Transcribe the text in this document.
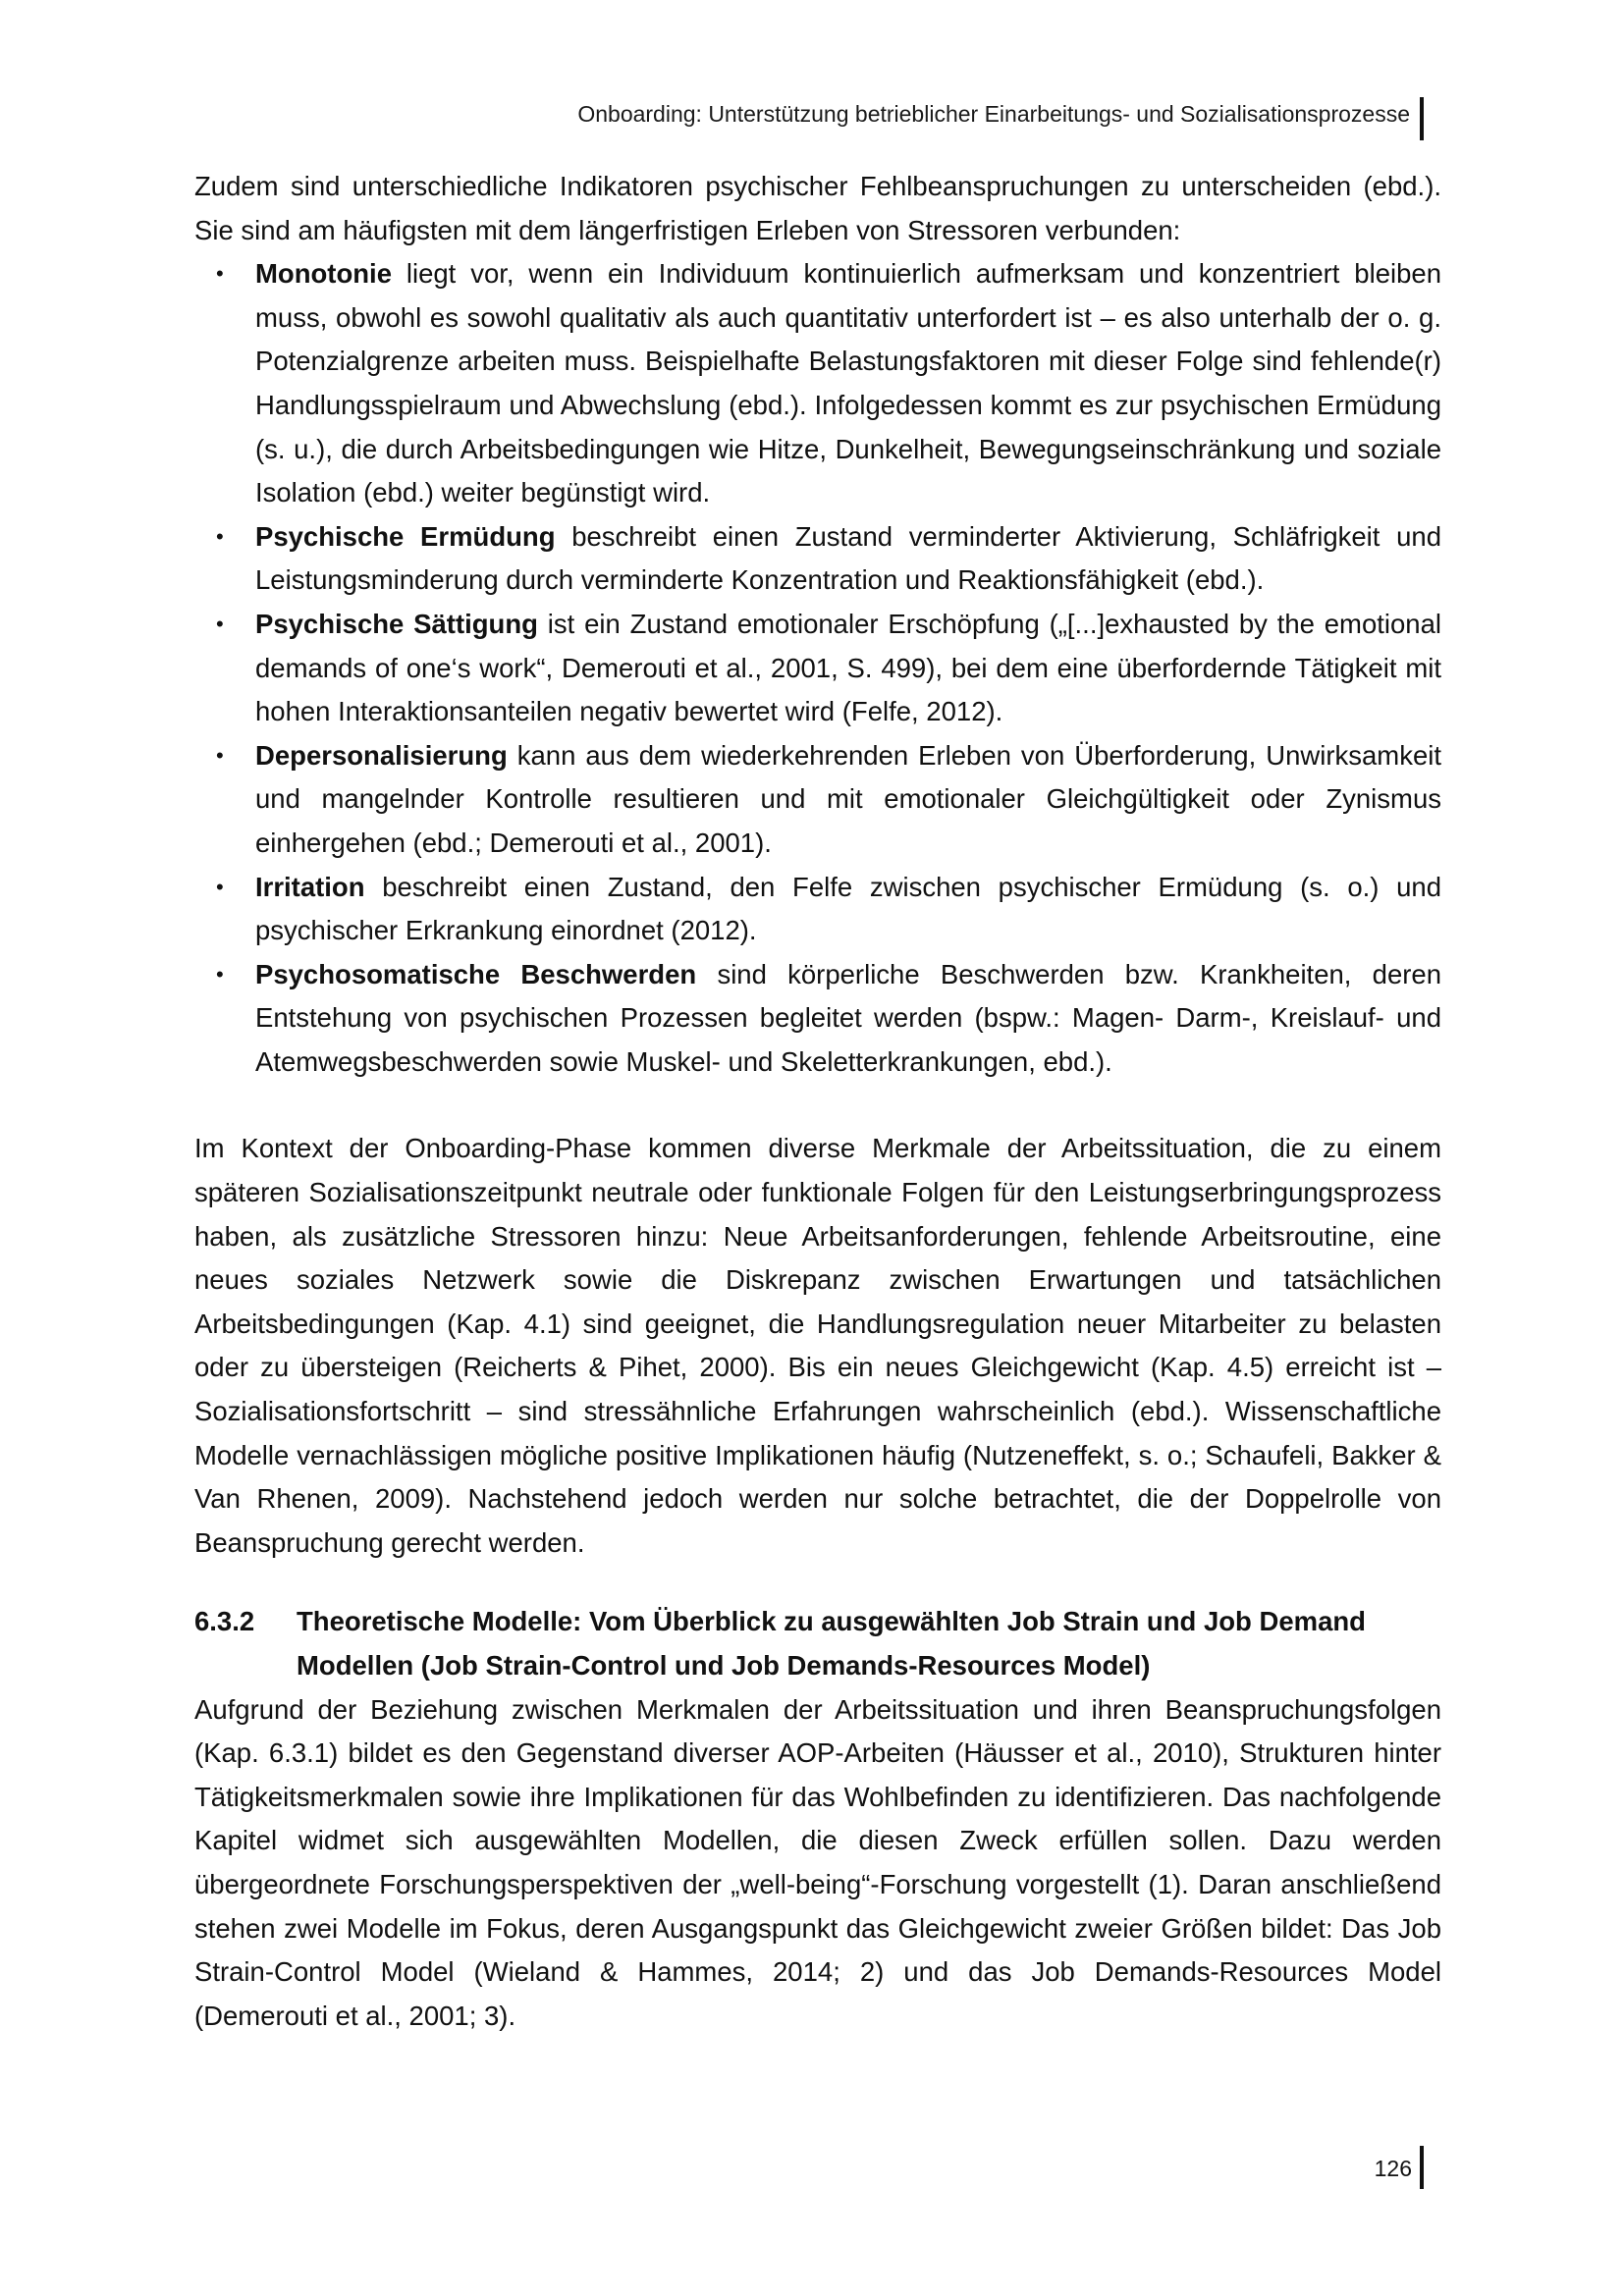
Onboarding: Unterstützung betrieblicher Einarbeitungs- und Sozialisationsprozesse

Zudem sind unterschiedliche Indikatoren psychischer Fehlbeanspruchungen zu unterscheiden (ebd.). Sie sind am häufigsten mit dem längerfristigen Erleben von Stressoren verbunden:

• Monotonie liegt vor, wenn ein Individuum kontinuierlich aufmerksam und konzentriert bleiben muss, obwohl es sowohl qualitativ als auch quantitativ unterfordert ist – es also unterhalb der o. g. Potenzialgrenze arbeiten muss. Beispielhafte Belastungsfaktoren mit dieser Folge sind fehlende(r) Handlungsspielraum und Abwechslung (ebd.). Infolgedessen kommt es zur psychischen Ermüdung (s. u.), die durch Arbeitsbedingungen wie Hitze, Dunkelheit, Bewegungseinschränkung und soziale Isolation (ebd.) weiter begünstigt wird.
• Psychische Ermüdung beschreibt einen Zustand verminderter Aktivierung, Schläfrigkeit und Leistungsminderung durch verminderte Konzentration und Reaktionsfähigkeit (ebd.).
• Psychische Sättigung ist ein Zustand emotionaler Erschöpfung („[...]exhausted by the emotional demands of one‘s work“, Demerouti et al., 2001, S. 499), bei dem eine überfordernde Tätigkeit mit hohen Interaktionsanteilen negativ bewertet wird (Felfe, 2012).
• Depersonalisierung kann aus dem wiederkehrenden Erleben von Überforderung, Unwirksamkeit und mangelnder Kontrolle resultieren und mit emotionaler Gleichgültigkeit oder Zynismus einhergehen (ebd.; Demerouti et al., 2001).
• Irritation beschreibt einen Zustand, den Felfe zwischen psychischer Ermüdung (s. o.) und psychischer Erkrankung einordnet (2012).
• Psychosomatische Beschwerden sind körperliche Beschwerden bzw. Krankheiten, deren Entstehung von psychischen Prozessen begleitet werden (bspw.: Magen- Darm-, Kreislauf- und Atemwegsbeschwerden sowie Muskel- und Skeletterkrankungen, ebd.).

Im Kontext der Onboarding-Phase kommen diverse Merkmale der Arbeitssituation, die zu einem späteren Sozialisationszeitpunkt neutrale oder funktionale Folgen für den Leistungserbringungsprozess haben, als zusätzliche Stressoren hinzu: Neue Arbeitsanforderungen, fehlende Arbeitsroutine, eine neues soziales Netzwerk sowie die Diskrepanz zwischen Erwartungen und tatsächlichen Arbeitsbedingungen (Kap. 4.1) sind geeignet, die Handlungsregulation neuer Mitarbeiter zu belasten oder zu übersteigen (Reicherts & Pihet, 2000). Bis ein neues Gleichgewicht (Kap. 4.5) erreicht ist – Sozialisationsfortschritt – sind stressähnliche Erfahrungen wahrscheinlich (ebd.). Wissenschaftliche Modelle vernachlässigen mögliche positive Implikationen häufig (Nutzeneffekt, s. o.; Schaufeli, Bakker & Van Rhenen, 2009). Nachstehend jedoch werden nur solche betrachtet, die der Doppelrolle von Beanspruchung gerecht werden.

6.3.2 Theoretische Modelle: Vom Überblick zu ausgewählten Job Strain und Job Demand Modellen (Job Strain-Control und Job Demands-Resources Model)

Aufgrund der Beziehung zwischen Merkmalen der Arbeitssituation und ihren Beanspruchungsfolgen (Kap. 6.3.1) bildet es den Gegenstand diverser AOP-Arbeiten (Häusser et al., 2010), Strukturen hinter Tätigkeitsmerkmalen sowie ihre Implikationen für das Wohlbefinden zu identifizieren. Das nachfolgende Kapitel widmet sich ausgewählten Modellen, die diesen Zweck erfüllen sollen. Dazu werden übergeordnete Forschungsperspektiven der „well-being“-Forschung vorgestellt (1). Daran anschließend stehen zwei Modelle im Fokus, deren Ausgangspunkt das Gleichgewicht zweier Größen bildet: Das Job Strain-Control Model (Wieland & Hammes, 2014; 2) und das Job Demands-Resources Model (Demerouti et al., 2001; 3).

126
